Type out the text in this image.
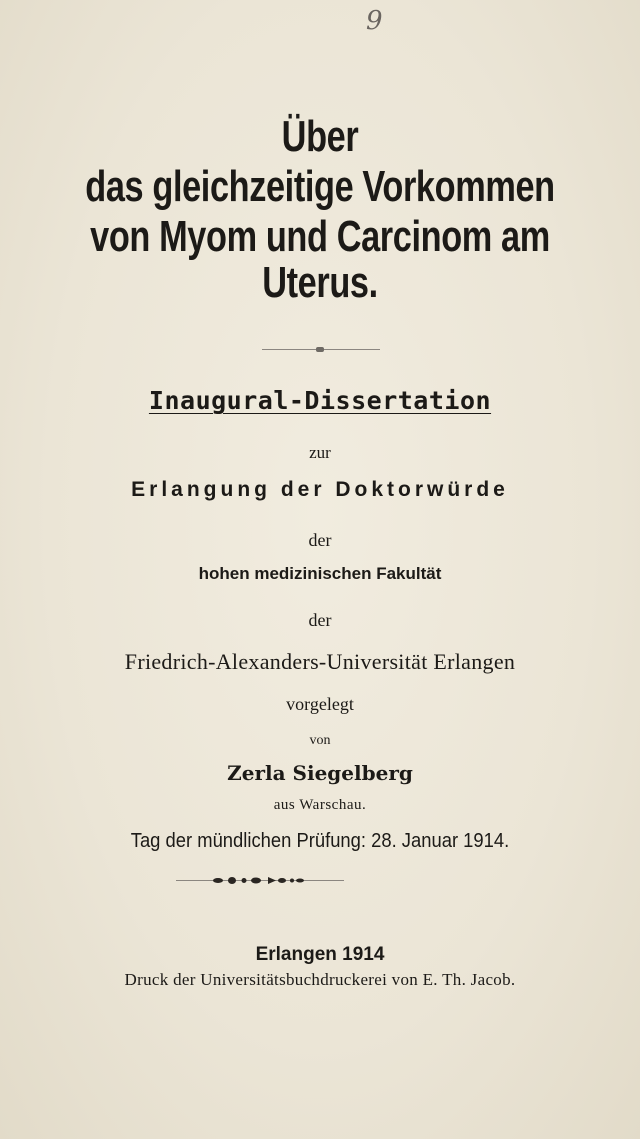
9
Über
das gleichzeitige Vorkommen
von Myom und Carcinom am
Uterus.
Inaugural-Dissertation
zur
Erlangung der Doktorwürde
der
hohen medizinischen Fakultät
der
Friedrich-Alexanders-Universität Erlangen
vorgelegt
von
Zerla Siegelberg
aus Warschau.
Tag der mündlichen Prüfung: 28. Januar 1914.
Erlangen 1914
Druck der Universitätsbuchdruckerei von E. Th. Jacob.
